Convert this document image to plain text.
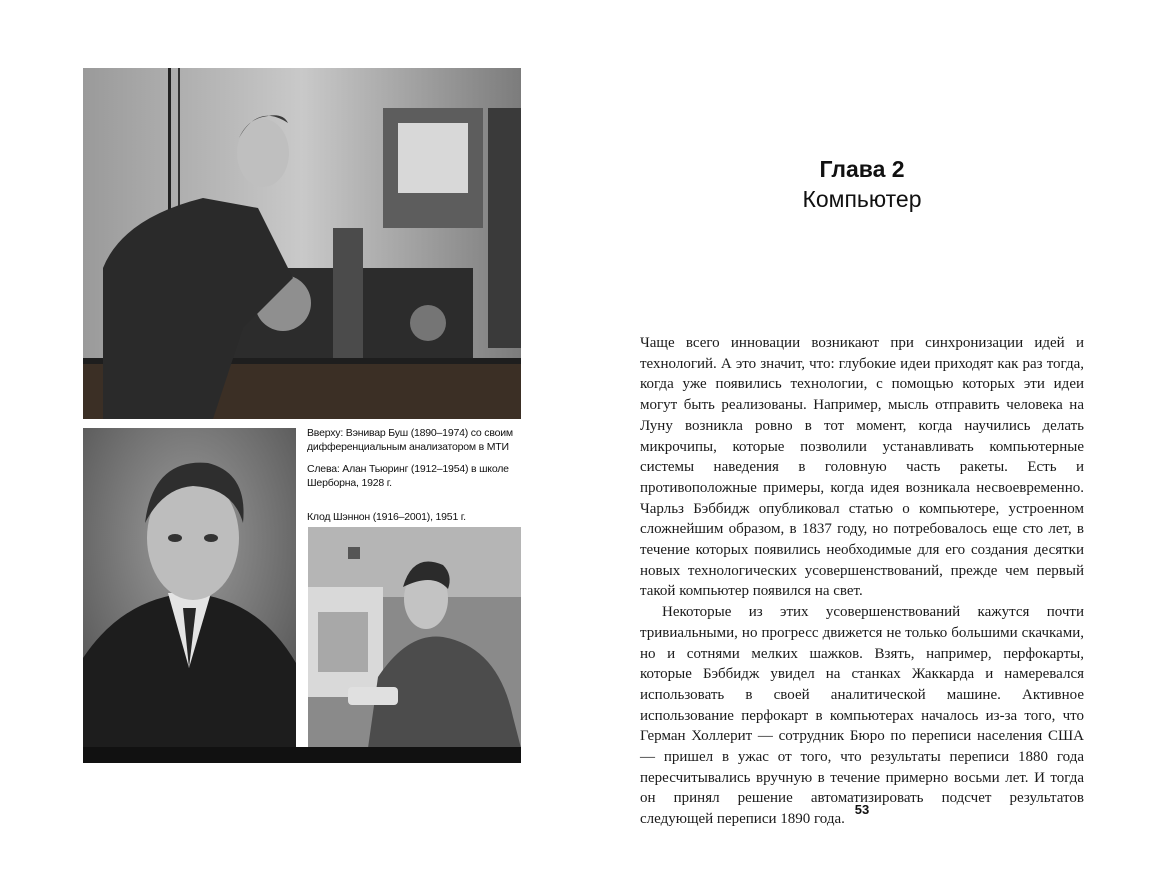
Вверху: Вэнивар Буш (1890–1974) со своим дифференциальным анализатором в МТИ
Слева: Алан Тьюринг (1912–1954) в школе Шерборна, 1928 г.
Клод Шэннон (1916–2001), 1951 г.
Глава 2
Компьютер

Чаще всего инновации возникают при синхронизации идей и технологий. А это значит, что: глубокие идеи приходят как раз тогда, когда уже появились технологии, с помощью которых эти идеи могут быть реализованы. Например, мысль отправить человека на Луну возникла ровно в тот момент, когда научились делать микрочипы, которые позволили устанавливать компьютерные системы наведения в головную часть ракеты. Есть и противоположные примеры, когда идея возникала несвоевременно. Чарльз Бэббидж опубликовал статью о компьютере, устроенном сложнейшим образом, в 1837 году, но потребовалось еще сто лет, в течение которых появились необходимые для его создания десятки новых технологических усовершенствований, прежде чем первый такой компьютер появился на свет.

Некоторые из этих усовершенствований кажутся почти тривиальными, но прогресс движется не только большими скачками, но и сотнями мелких шажков. Взять, например, перфокарты, которые Бэббидж увидел на станках Жаккарда и намеревался использовать в своей аналитической машине. Активное использование перфокарт в компьютерах началось из-за того, что Герман Холлерит — сотрудник Бюро по переписи населения США — пришел в ужас от того, что результаты переписи 1880 года пересчитывались вручную в течение примерно восьми лет. И тогда он принял решение автоматизировать подсчет результатов следующей переписи 1890 года.

53
